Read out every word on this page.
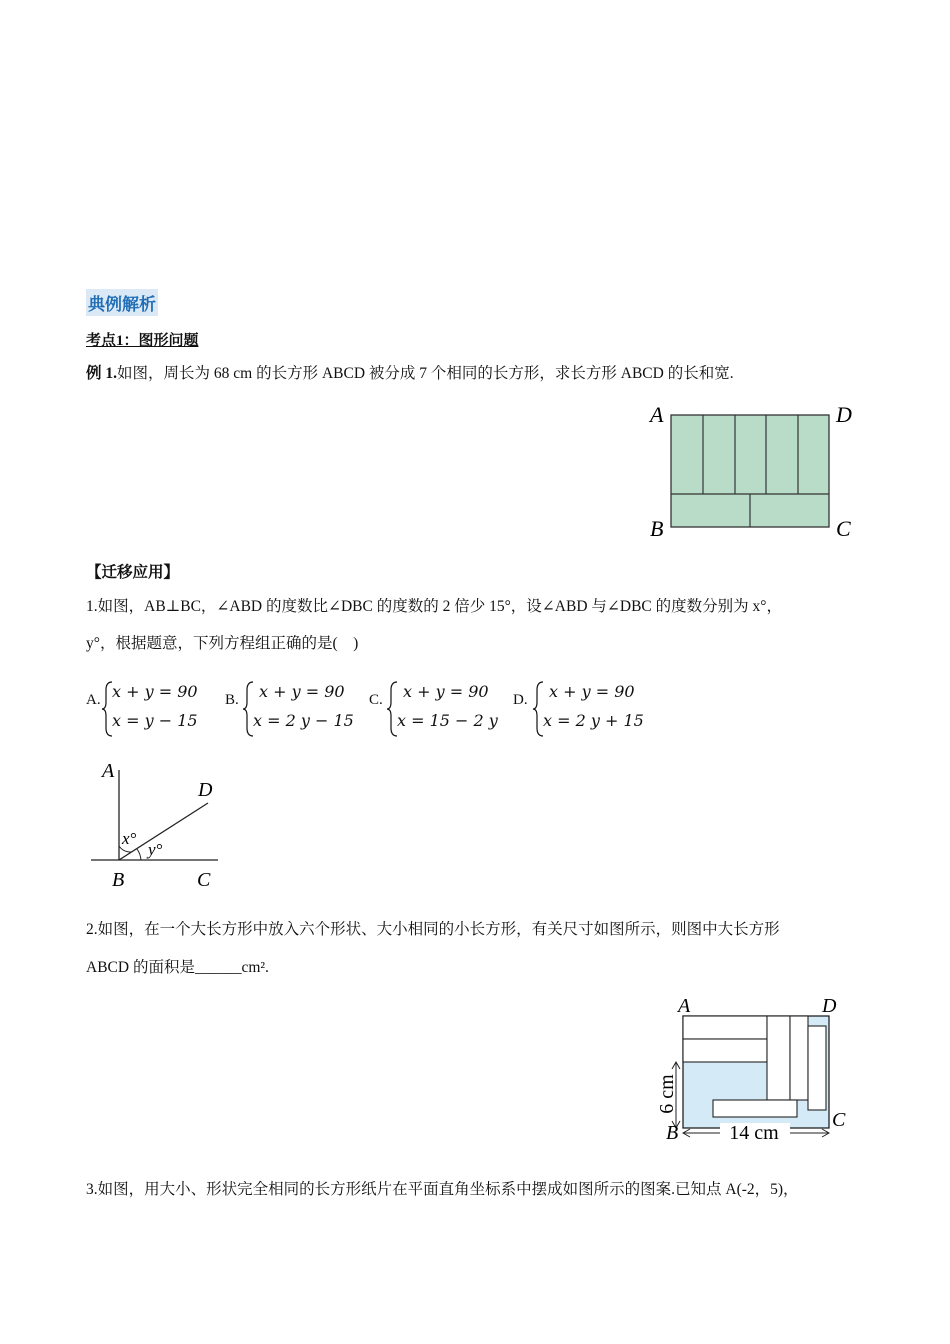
典例解析
考点1：图形问题
例 1.如图，周长为 68 cm 的长方形 ABCD 被分成 7 个相同的长方形，求长方形 ABCD 的长和宽.
A	D
B	C
【迁移应用】
1.如图，AB⊥BC，∠ABD 的度数比∠DBC 的度数的 2 倍少 15°，设∠ABD 与∠DBC 的度数分别为 x°，
y°，根据题意，下列方程组正确的是(　)
A. x + y = 90
x = y − 15
B. x + y = 90
x = 2 y − 15
C. x + y = 90
x = 15 − 2 y
D. x + y = 90
x = 2 y + 15
A
D
B	C
x°
y°
2.如图，在一个大长方形中放入六个形状、大小相同的小长方形，有关尺寸如图所示，则图中大长方形
ABCD 的面积是______cm².
14 cm
6 cm
A	D
B
C
3.如图，用大小、形状完全相同的长方形纸片在平面直角坐标系中摆成如图所示的图案.已知点 A(-2，5)，
